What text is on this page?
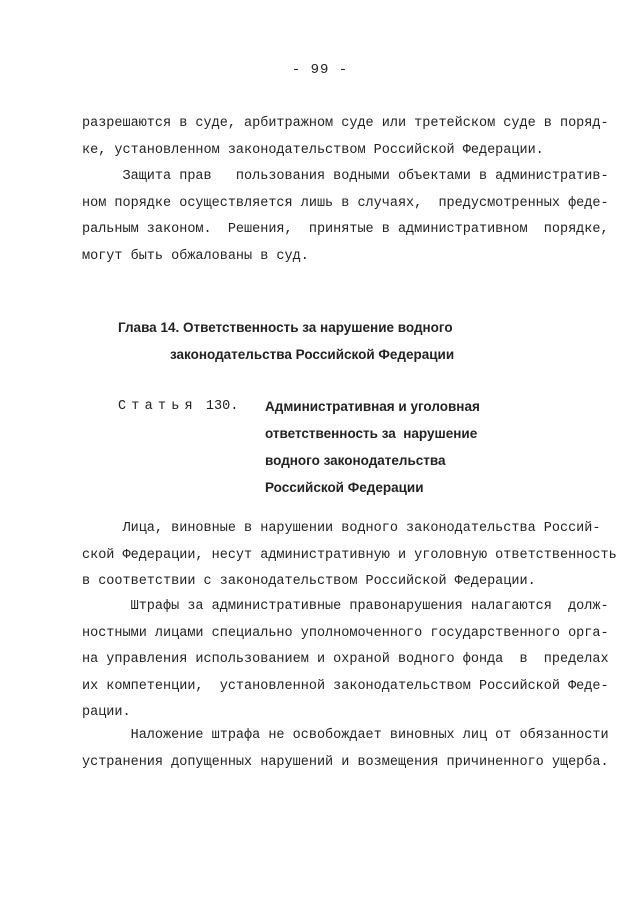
- 99 -
разрешаются в суде, арбитражном суде или третейском суде в поряд-
ке, установленном законодательством Российской Федерации.
Защита прав   пользования водными объектами в административ-
ном порядке осуществляется лишь в случаях,  предусмотренных феде-
ральным законом.  Решения,  принятые в административном  порядке,
могут быть обжалованы в суд.
Глава 14. Ответственность за нарушение водного
законодательства Российской Федерации
Статья 130. Административная и уголовная
ответственность за  нарушение
водного законодательства
Российской Федерации
Лица, виновные в нарушении водного законодательства Россий-
ской Федерации, несут административную и уголовную ответственность
в соответствии с законодательством Российской Федерации.
Штрафы за административные правонарушения налагаются  долж-
ностными лицами специально уполномоченного государственного орга-
на управления использованием и охраной водного фонда  в  пределах
их компетенции,  установленной законодательством Российской Феде-
рации.
Наложение штрафа не освобождает виновных лиц от обязанности
устранения допущенных нарушений и возмещения причиненного ущерба.
